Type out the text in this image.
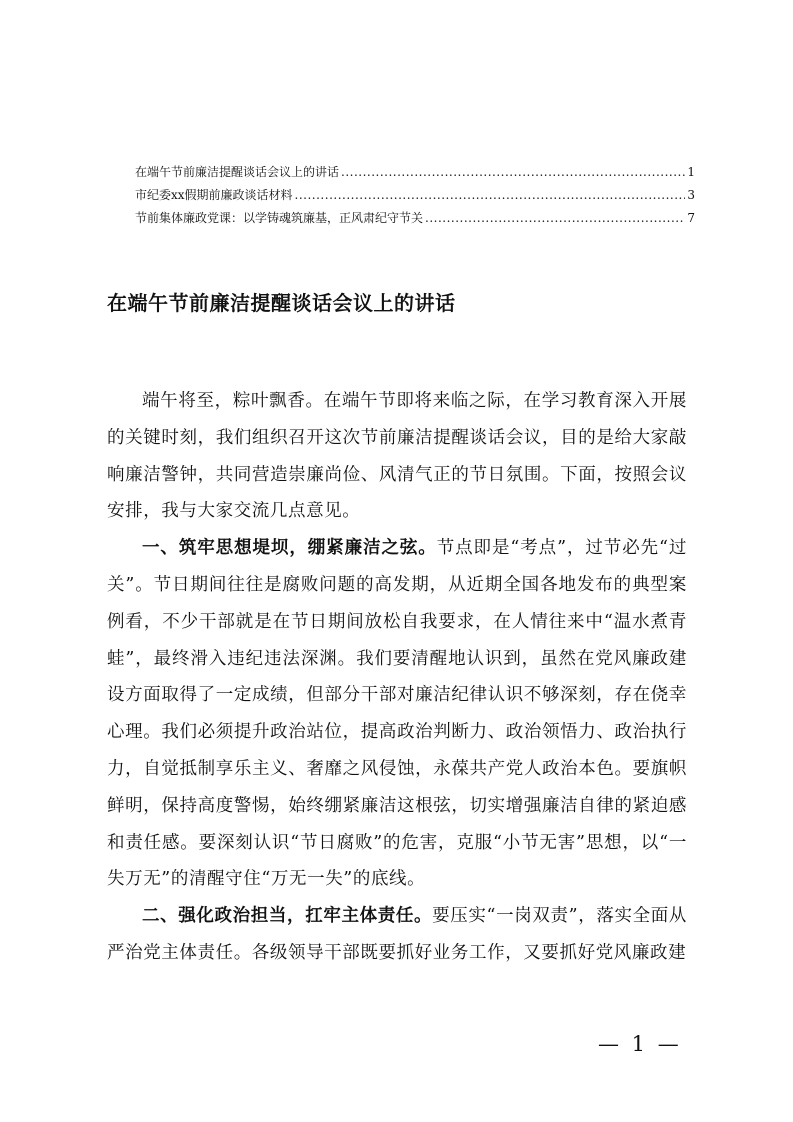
在端午节前廉洁提醒谈话会议上的讲话 .....	1
市纪委xx假期前廉政谈话材料 .....	3
节前集体廉政党课：以学铸魂筑廉基，正风肃纪守节关 .....	7
在端午节前廉洁提醒谈话会议上的讲话

端午将至，粽叶飘香。在端午节即将来临之际，在学习教育深入开展的关键时刻，我们组织召开这次节前廉洁提醒谈话会议，目的是给大家敲响廉洁警钟，共同营造崇廉尚俭、风清气正的节日氛围。下面，按照会议安排，我与大家交流几点意见。

一、筑牢思想堤坝，绷紧廉洁之弦。节点即是“考点”，过节必先“过关”。节日期间往往是腐败问题的高发期，从近期全国各地发布的典型案例看，不少干部就是在节日期间放松自我要求，在人情往来中“温水煮青蛙”，最终滑入违纪违法深渊。我们要清醒地认识到，虽然在党风廉政建设方面取得了一定成绩，但部分干部对廉洁纪律认识不够深刻，存在侥幸心理。我们必须提升政治站位，提高政治判断力、政治领悟力、政治执行力，自觉抵制享乐主义、奢靡之风侵蚀，永葆共产党人政治本色。要旗帜鲜明，保持高度警惕，始终绷紧廉洁这根弦，切实增强廉洁自律的紧迫感和责任感。要深刻认识“节日腐败”的危害，克服“小节无害”思想，以“一失万无”的清醒守住“万无一失”的底线。

二、强化政治担当，扛牢主体责任。要压实“一岗双责”，落实全面从严治党主体责任。各级领导干部既要抓好业务工作，又要抓好党风廉政建

— 1 —
